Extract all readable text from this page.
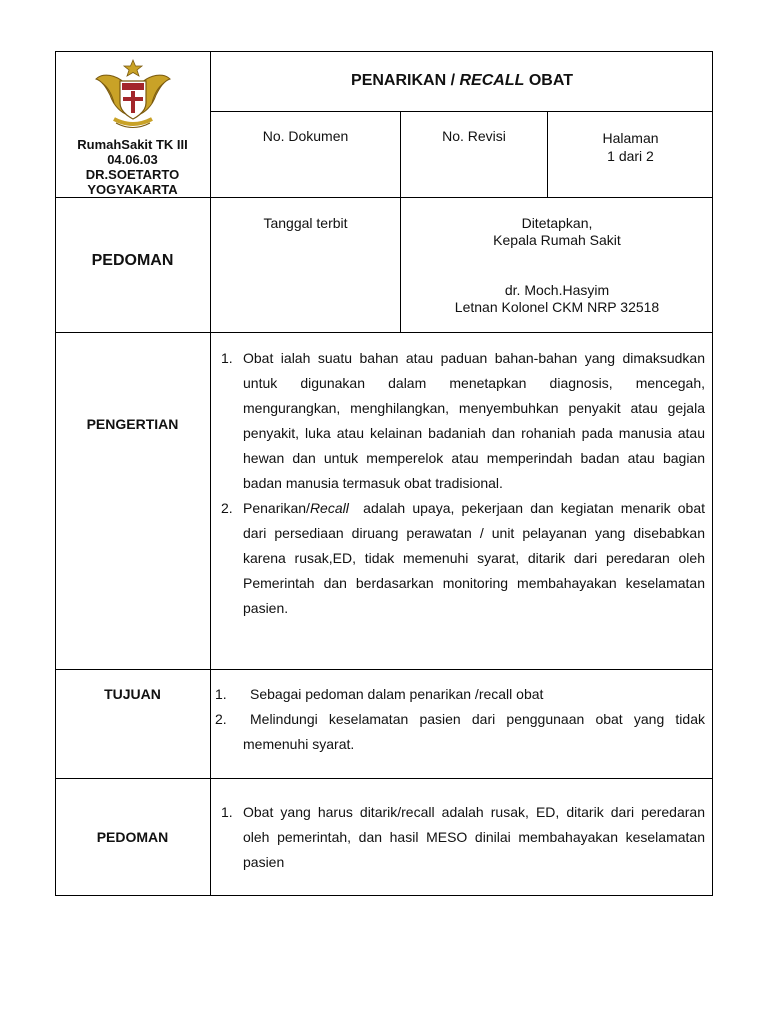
RumahSakit TK III
04.06.03
DR.SOETARTO
YOGYAKARTA
PENARIKAN / RECALL OBAT
No. Dokumen	No. Revisi	Halaman
1 dari 2
PEDOMAN
Tanggal terbit	Ditetapkan,
Kepala Rumah Sakit
dr. Moch.Hasyim
Letnan Kolonel CKM NRP 32518
PENGERTIAN
1. Obat ialah suatu bahan atau paduan bahan-bahan yang dimaksudkan untuk digunakan dalam menetapkan diagnosis, mencegah, mengurangkan, menghilangkan, menyembuhkan penyakit atau gejala penyakit, luka atau kelainan badaniah dan rohaniah pada manusia atau hewan dan untuk memperelok atau memperindah badan atau bagian badan manusia termasuk obat tradisional.
2. Penarikan/Recall  adalah upaya, pekerjaan dan kegiatan menarik obat dari persediaan diruang perawatan / unit pelayanan yang disebabkan karena rusak,ED, tidak memenuhi syarat, ditarik dari peredaran oleh Pemerintah dan berdasarkan monitoring membahayakan keselamatan pasien.
TUJUAN	1. Sebagai pedoman dalam penarikan /recall obat
2. Melindungi keselamatan pasien dari penggunaan obat yang tidak memenuhi syarat.
PEDOMAN
1. Obat yang harus ditarik/recall adalah rusak, ED, ditarik dari peredaran oleh pemerintah, dan hasil MESO dinilai membahayakan keselamatan pasien
